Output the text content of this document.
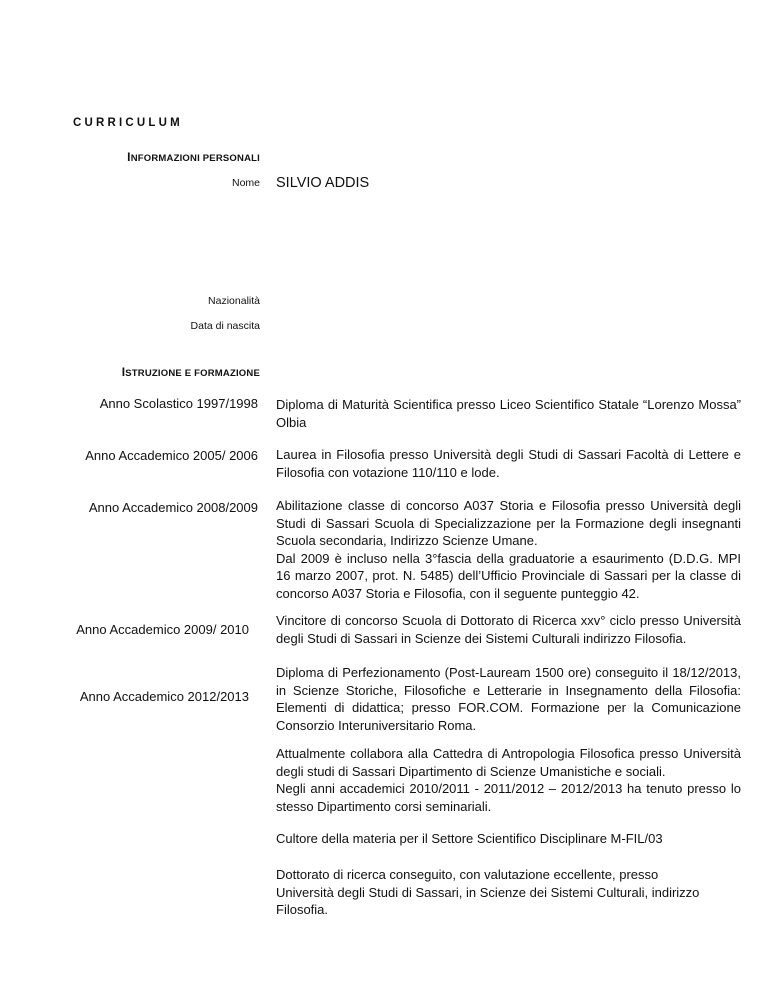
CURRICULUM
INFORMAZIONI PERSONALI
Nome SILVIO ADDIS
Nazionalità
Data di nascita
ISTRUZIONE E FORMAZIONE
Anno Scolastico 1997/1998 Diploma di Maturità Scientifica presso Liceo Scientifico Statale “Lorenzo Mossa” Olbia
Anno Accademico 2005/ 2006 Laurea in Filosofia presso Università degli Studi di Sassari Facoltà di Lettere e Filosofia con votazione 110/110 e lode.
Anno Accademico 2008/2009 Abilitazione classe di concorso A037 Storia e Filosofia presso Università degli Studi di Sassari Scuola di Specializzazione per la Formazione degli insegnanti Scuola secondaria, Indirizzo Scienze Umane.
Dal 2009 è incluso nella 3°fascia della graduatorie a esaurimento (D.D.G. MPI 16 marzo 2007, prot. N. 5485) dell’Ufficio Provinciale di Sassari per la classe di concorso A037 Storia e Filosofia, con il seguente punteggio 42.
Anno Accademico 2009/ 2010
Vincitore di concorso Scuola di Dottorato di Ricerca xxv° ciclo presso Università degli Studi di Sassari in Scienze dei Sistemi Culturali indirizzo Filosofia.
Anno Accademico 2012/2013
Diploma di Perfezionamento (Post-Lauream 1500 ore) conseguito il 18/12/2013, in Scienze Storiche, Filosofiche e Letterarie in Insegnamento della Filosofia: Elementi di didattica; presso FOR.COM. Formazione per la Comunicazione Consorzio Interuniversitario Roma.
Attualmente collabora alla Cattedra di Antropologia Filosofica presso Università degli studi di Sassari Dipartimento di Scienze Umanistiche e sociali.
Negli anni accademici 2010/2011 - 2011/2012 – 2012/2013 ha tenuto presso lo stesso Dipartimento corsi seminariali.
Cultore della materia per il Settore Scientifico Disciplinare M-FIL/03
Dottorato di ricerca conseguito, con valutazione eccellente, presso Università degli Studi di Sassari, in Scienze dei Sistemi Culturali, indirizzo Filosofia.
